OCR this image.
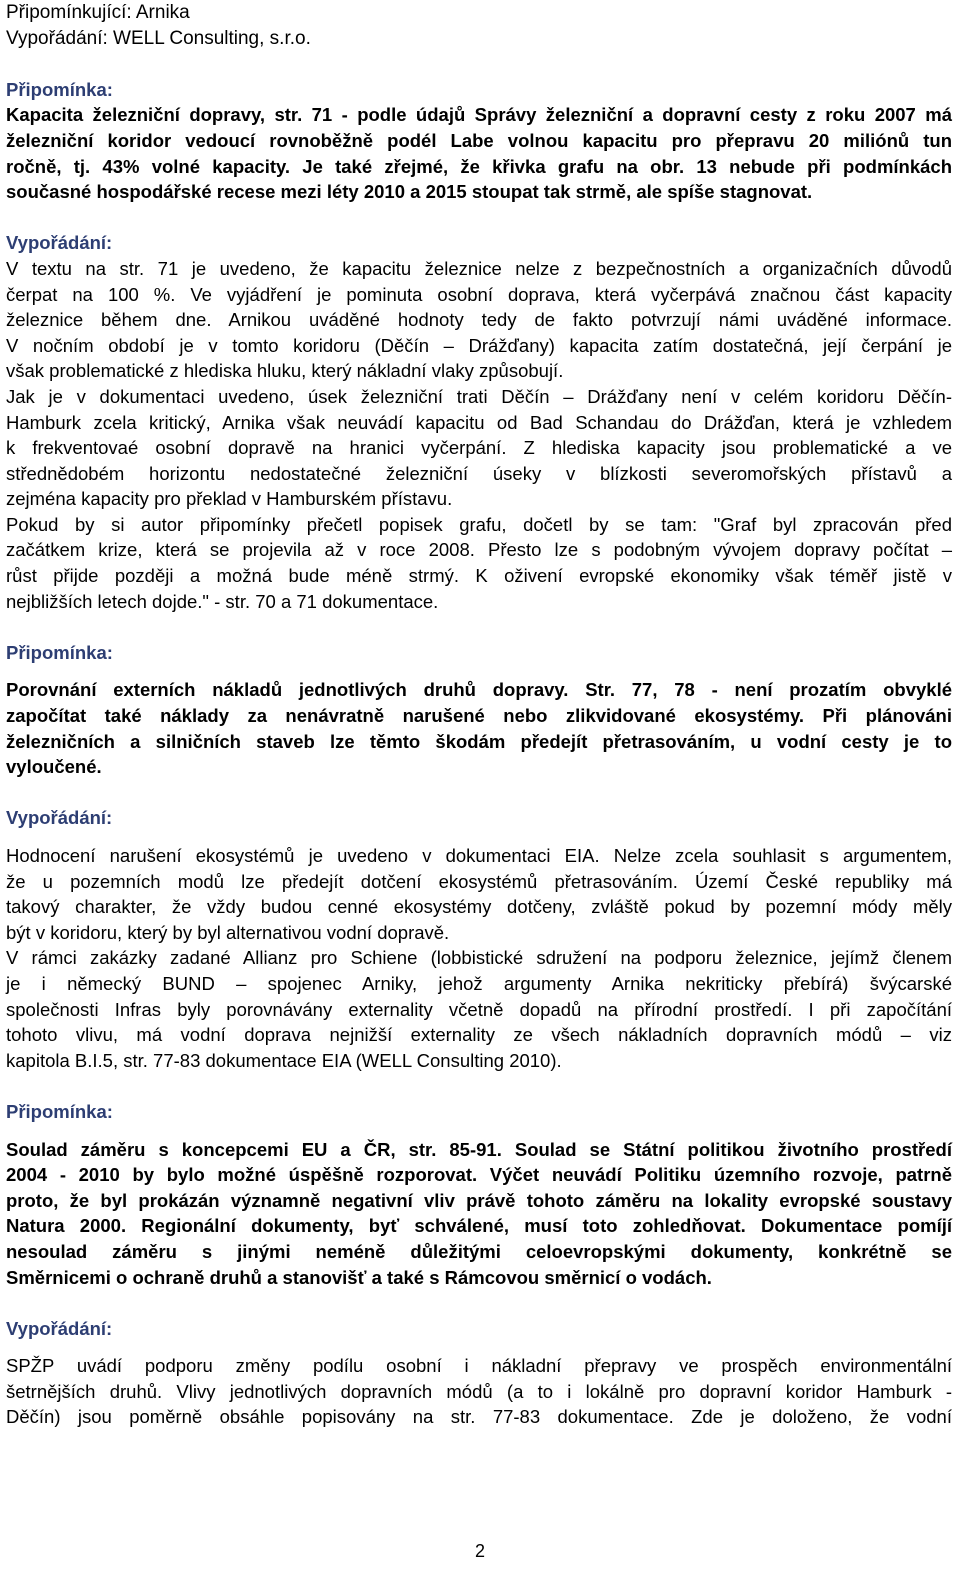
Připomínkující: Arnika
Vypořádání: WELL Consulting, s.r.o.
Připomínka:
Kapacita železniční dopravy, str. 71 - podle údajů Správy železniční a dopravní cesty z roku 2007 má
železniční koridor vedoucí rovnoběžně podél Labe volnou kapacitu pro přepravu 20 miliónů tun
ročně, tj. 43% volné kapacity. Je také zřejmé, že křivka grafu na obr. 13 nebude při podmínkách
současné hospodářské recese mezi léty 2010 a 2015 stoupat tak strmě, ale spíše stagnovat.
Vypořádání:
V textu na str. 71 je uvedeno, že kapacitu železnice nelze z bezpečnostních a organizačních důvodů
čerpat na 100 %. Ve vyjádření je pominuta osobní doprava, která vyčerpává značnou část kapacity
železnice během dne. Arnikou uváděné hodnoty tedy de fakto potvrzují námi uváděné informace.
V nočním období je v tomto koridoru (Děčín – Drážďany) kapacita zatím dostatečná, její čerpání je
však problematické z hlediska hluku, který nákladní vlaky způsobují.
Jak je v dokumentaci uvedeno, úsek železniční trati Děčín – Drážďany není v celém koridoru Děčín-
Hamburk zcela kritický, Arnika však neuvádí kapacitu od Bad Schandau do Drážďan, která je vzhledem
k frekventovaé osobní dopravě na hranici vyčerpání. Z hlediska kapacity jsou problematické a ve
střednědobém horizontu nedostatečné železniční úseky v blízkosti severomořských přístavů a
zejména kapacity pro překlad v Hamburském přístavu.
Pokud by si autor připomínky přečetl popisek grafu, dočetl by se tam: "Graf byl zpracován před
začátkem krize, která se projevila až v roce 2008. Přesto lze s podobným vývojem dopravy počítat –
růst přijde později a možná bude méně strmý. K oživení evropské ekonomiky však téměř jistě v
nejbližších letech dojde." - str. 70 a 71 dokumentace.
Připomínka:
Porovnání externích nákladů jednotlivých druhů dopravy. Str. 77, 78 - není prozatím obvyklé
započítat také náklady za nenávratně narušené nebo zlikvidované ekosystémy. Při plánováni
železničních a silničních staveb lze těmto škodám předejít přetrasováním, u vodní cesty je to
vyloučené.
Vypořádání:
Hodnocení narušení ekosystémů je uvedeno v dokumentaci EIA. Nelze zcela souhlasit s argumentem,
že u pozemních modů lze předejít dotčení ekosystémů přetrasováním. Území České republiky má
takový charakter, že vždy budou cenné ekosystémy dotčeny, zvláště pokud by pozemní módy měly
být v koridoru, který by byl alternativou vodní dopravě.
V rámci zakázky zadané Allianz pro Schiene (lobbistické sdružení na podporu železnice, jejímž členem
je i německý BUND – spojenec Arniky, jehož argumenty Arnika nekriticky přebírá) švýcarské
společnosti Infras byly porovnávány externality včetně dopadů na přírodní prostředí. I při započítání
tohoto vlivu, má vodní doprava nejnižší externality ze všech nákladních dopravních módů – viz
kapitola B.I.5, str. 77-83 dokumentace EIA (WELL Consulting 2010).
Připomínka:
Soulad záměru s koncepcemi EU a ČR, str. 85-91. Soulad se Státní politikou životního prostředí
2004 - 2010 by bylo možné úspěšně rozporovat. Výčet neuvádí Politiku územního rozvoje, patrně
proto, že byl prokázán významně negativní vliv právě tohoto záměru na lokality evropské soustavy
Natura 2000. Regionální dokumenty, byť schválené, musí toto zohledňovat. Dokumentace pomíjí
nesoulad záměru s jinými neméně důležitými celoevropskými dokumenty, konkrétně se
Směrnicemi o ochraně druhů a stanovišť a také s Rámcovou směrnicí o vodách.
Vypořádání:
SPŽP uvádí podporu změny podílu osobní i nákladní přepravy ve prospěch environmentální
šetrnějších druhů. Vlivy jednotlivých dopravních módů (a to i lokálně pro dopravní koridor Hamburk -
Děčín) jsou poměrně obsáhle popisovány na str. 77-83 dokumentace. Zde je doloženo, že vodní
2
